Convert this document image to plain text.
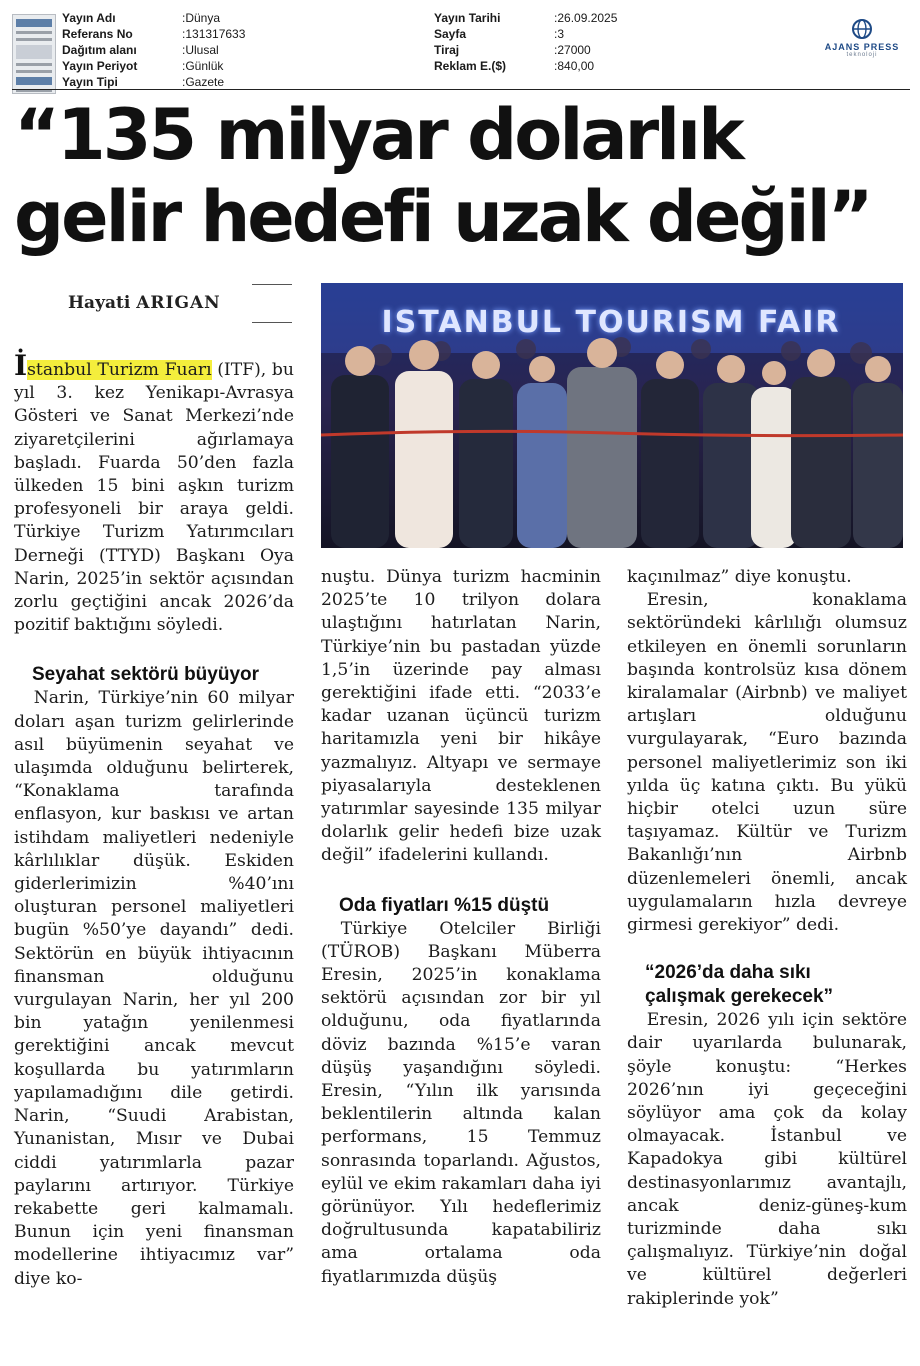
Yayın Adı	:Dünya
Referans No	:131317633
Dağıtım alanı	:Ulusal
Yayın Periyot	:Günlük
Yayın Tipi	:Gazete
Yayın Tarihi	:26.09.2025
Sayfa	:3
Tiraj	:27000
Reklam E.($)	:840,00
AJANS PRESS
teknoloji
“135 milyar dolarlık
gelir hedefi uzak değil”
Hayati ARIGAN
ISTANBUL TOURISM FAIR

İstanbul Turizm Fuarı (ITF), bu yıl 3. kez Yenikapı-Avrasya Gösteri ve Sanat Merkezi’nde ziyaretçilerini ağırlamaya başladı. Fuarda 50’den fazla ülkeden 15 bini aşkın turizm profesyoneli bir araya geldi. Türkiye Turizm Yatırımcıları Derneği (TTYD) Başkanı Oya Narin, 2025’in sektör açısından zorlu geçtiğini ancak 2026’da pozitif baktığını söyledi.

Seyahat sektörü büyüyor

Narin, Türkiye’nin 60 milyar doları aşan turizm gelirlerinde asıl büyümenin seyahat ve ulaşımda olduğunu belirterek, “Konaklama tarafında enflasyon, kur baskısı ve artan istihdam maliyetleri nedeniyle kârlılıklar düşük. Eskiden giderlerimizin %40’ını oluşturan personel maliyetleri bugün %50’ye dayandı” dedi. Sektörün en büyük ihtiyacının finansman olduğunu vurgulayan Narin, her yıl 200 bin yatağın yenilenmesi gerektiğini ancak mevcut koşullarda bu yatırımların yapılamadığını dile getirdi. Narin, “Suudi Arabistan, Yunanistan, Mısır ve Dubai ciddi yatırımlarla pazar paylarını artırıyor. Türkiye rekabette geri kalmamalı. Bunun için yeni finansman modellerine ihtiyacımız var” diye ko-

nuştu. Dünya turizm hacminin 2025’te 10 trilyon dolara ulaştığını hatırlatan Narin, Türkiye’nin bu pastadan yüzde 1,5’in üzerinde pay alması gerektiğini ifade etti. “2033’e kadar uzanan üçüncü turizm haritamızla yeni bir hikâye yazmalıyız. Altyapı ve sermaye piyasalarıyla desteklenen yatırımlar sayesinde 135 milyar dolarlık gelir hedefi bize uzak değil” ifadelerini kullandı.

Oda fiyatları %15 düştü

Türkiye Otelciler Birliği (TÜROB) Başkanı Müberra Eresin, 2025’in konaklama sektörü açısından zor bir yıl olduğunu, oda fiyatlarında döviz bazında %15’e varan düşüş yaşandığını söyledi. Eresin, “Yılın ilk yarısında beklentilerin altında kalan performans, 15 Temmuz sonrasında toparlandı. Ağustos, eylül ve ekim rakamları daha iyi görünüyor. Yılı hedeflerimiz doğrultusunda kapatabiliriz ama ortalama oda fiyatlarımızda düşüş

kaçınılmaz” diye konuştu.

Eresin, konaklama sektöründeki kârlılığı olumsuz etkileyen en önemli sorunların başında kontrolsüz kısa dönem kiralamalar (Airbnb) ve maliyet artışları olduğunu vurgulayarak, “Euro bazında personel maliyetlerimiz son iki yılda üç katına çıktı. Bu yükü hiçbir otelci uzun süre taşıyamaz. Kültür ve Turizm Bakanlığı’nın Airbnb düzenlemeleri önemli, ancak uygulamaların hızla devreye girmesi gerekiyor” dedi.

“2026’da daha sıkı
çalışmak gerekecek”

Eresin, 2026 yılı için sektöre dair uyarılarda bulunarak, şöyle konuştu: “Herkes 2026’nın iyi geçeceğini söylüyor ama çok da kolay olmayacak. İstanbul ve Kapadokya gibi kültürel destinasyonlarımız avantajlı, ancak deniz-güneş-kum turizminde daha sıkı çalışmalıyız. Türkiye’nin doğal ve kültürel değerleri rakiplerinde yok”
